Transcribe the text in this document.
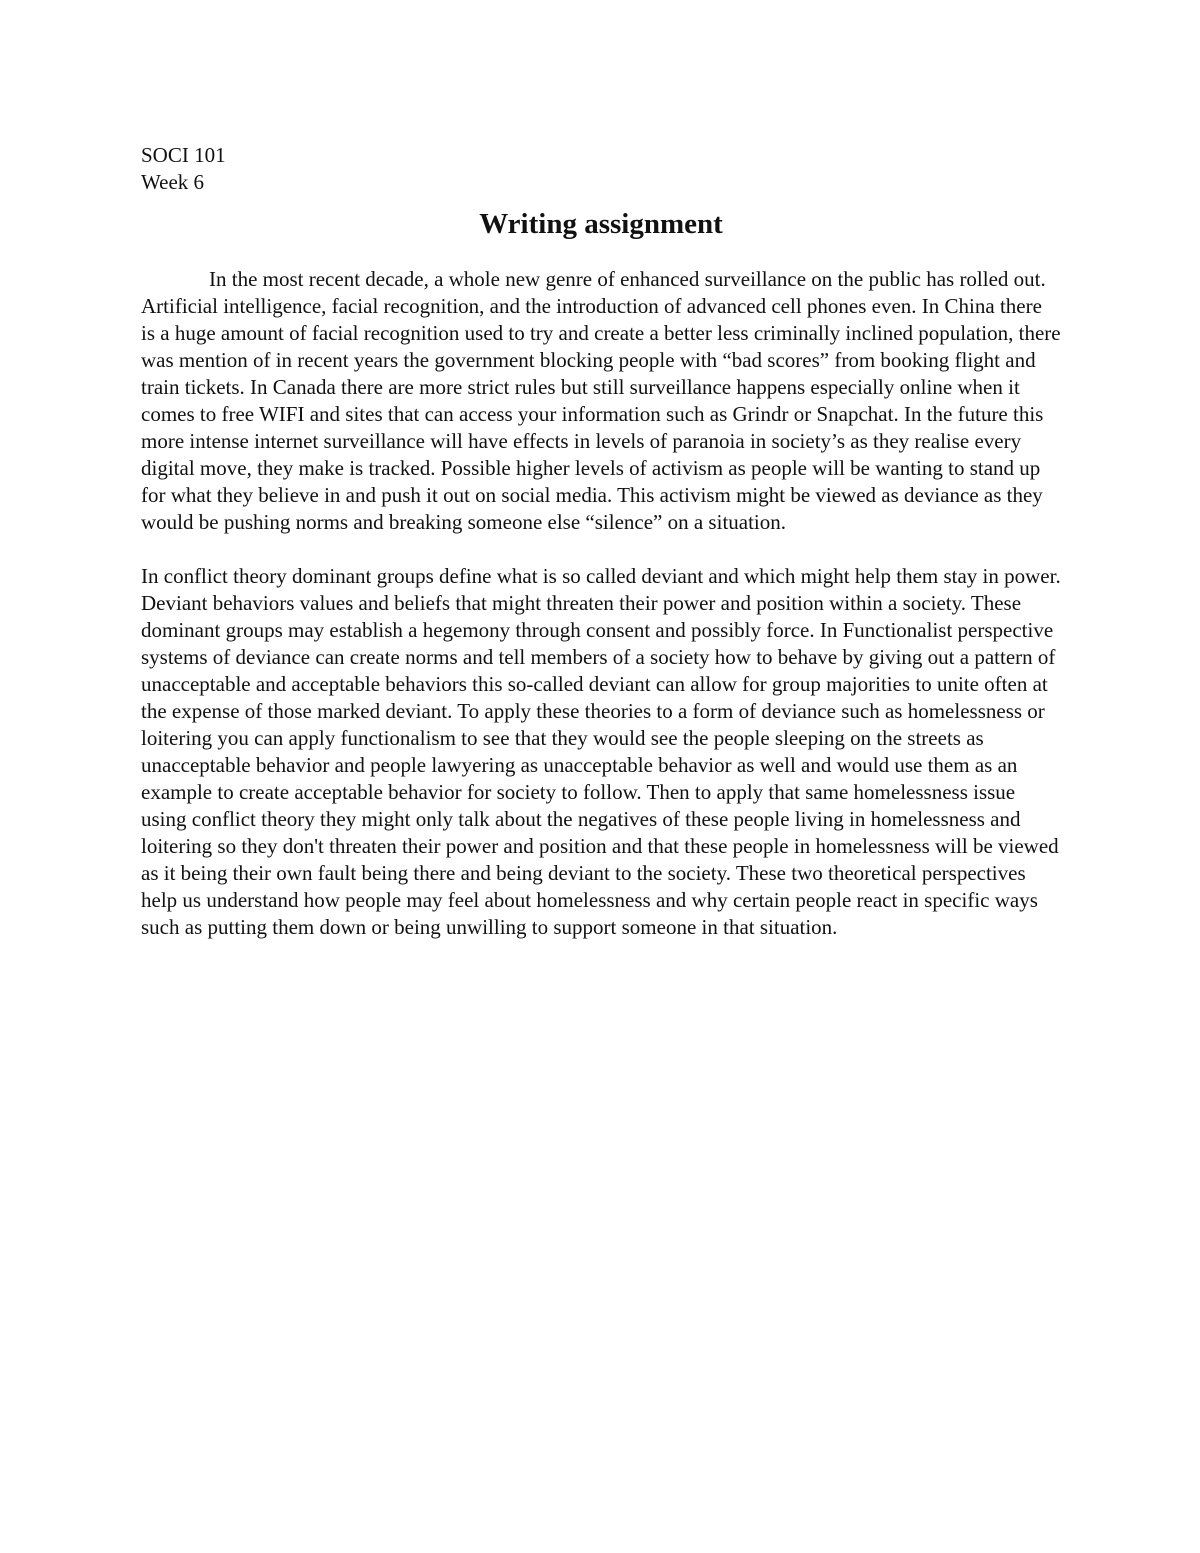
SOCI 101

Week 6

Writing assignment

In the most recent decade, a whole new genre of enhanced surveillance on the public has rolled out. Artificial intelligence, facial recognition, and the introduction of advanced cell phones even. In China there is a huge amount of facial recognition used to try and create a better less criminally inclined population, there was mention of in recent years the government blocking people with “bad scores” from booking flight and train tickets. In Canada there are more strict rules but still surveillance happens especially online when it comes to free WIFI and sites that can access your information such as Grindr or Snapchat. In the future this more intense internet surveillance will have effects in levels of paranoia in society’s as they realise every digital move, they make is tracked. Possible higher levels of activism as people will be wanting to stand up for what they believe in and push it out on social media. This activism might be viewed as deviance as they would be pushing norms and breaking someone else “silence” on a situation.

In conflict theory dominant groups define what is so called deviant and which might help them stay in power. Deviant behaviors values and beliefs that might threaten their power and position within a society. These dominant groups may establish a hegemony through consent and possibly force. In Functionalist perspective systems of deviance can create norms and tell members of a society how to behave by giving out a pattern of unacceptable and acceptable behaviors this so-called deviant can allow for group majorities to unite often at the expense of those marked deviant. To apply these theories to a form of deviance such as homelessness or loitering you can apply functionalism to see that they would see the people sleeping on the streets as unacceptable behavior and people lawyering as unacceptable behavior as well and would use them as an example to create acceptable behavior for society to follow. Then to apply that same homelessness issue using conflict theory they might only talk about the negatives of these people living in homelessness and loitering so they don't threaten their power and position and that these people in homelessness will be viewed as it being their own fault being there and being deviant to the society. These two theoretical perspectives help us understand how people may feel about homelessness and why certain people react in specific ways such as putting them down or being unwilling to support someone in that situation.
